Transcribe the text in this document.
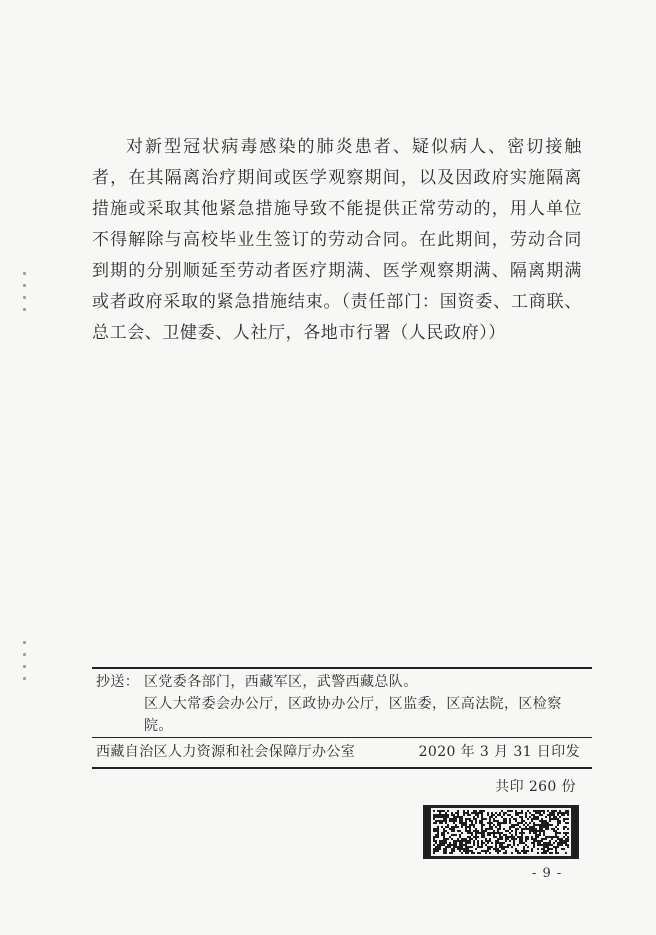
对新型冠状病毒感染的肺炎患者、疑似病人、密切接触者，在其隔离治疗期间或医学观察期间，以及因政府实施隔离措施或采取其他紧急措施导致不能提供正常劳动的，用人单位不得解除与高校毕业生签订的劳动合同。在此期间，劳动合同到期的分别顺延至劳动者医疗期满、医学观察期满、隔离期满或者政府采取的紧急措施结束。（责任部门：国资委、工商联、总工会、卫健委、人社厅，各地市行署（人民政府））

抄送： 区党委各部门，西藏军区，武警西藏总队。
区人大常委会办公厅，区政协办公厅，区监委，区高法院，区检察院。
西藏自治区人力资源和社会保障厅办公室	2020 年 3 月 31 日印发
共印 260 份
- 9 -
